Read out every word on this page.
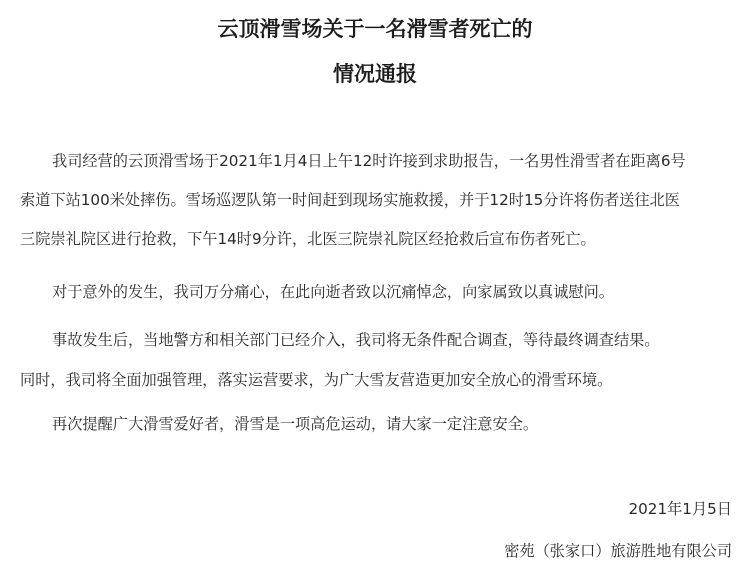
云顶滑雪场关于一名滑雪者死亡的
情况通报
我司经营的云顶滑雪场于2021年1月4日上午12时许接到求助报告，一名男性滑雪者在距离6号
索道下站100米处摔伤。雪场巡逻队第一时间赶到现场实施救援，并于12时15分许将伤者送往北医
三院崇礼院区进行抢救，下午14时9分许，北医三院崇礼院区经抢救后宣布伤者死亡。
对于意外的发生，我司万分痛心，在此向逝者致以沉痛悼念，向家属致以真诚慰问。
事故发生后，当地警方和相关部门已经介入，我司将无条件配合调查，等待最终调查结果。
同时，我司将全面加强管理，落实运营要求，为广大雪友营造更加安全放心的滑雪环境。
再次提醒广大滑雪爱好者，滑雪是一项高危运动，请大家一定注意安全。
2021年1月5日
密苑（张家口）旅游胜地有限公司
